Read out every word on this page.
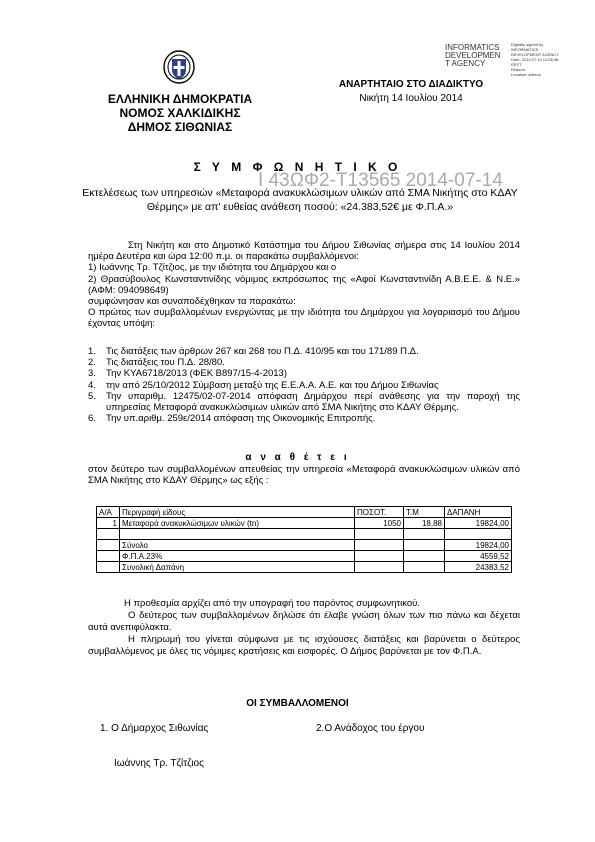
ΕΛΛΗΝΙΚΗ ΔΗΜΟΚΡΑΤΙΑ
ΝΟΜΟΣ ΧΑΛΚΙΔΙΚΗΣ
ΔΗΜΟΣ ΣΙΘΩΝΙΑΣ
INFORMATICS
DEVELOPMEN
T AGENCY
Digitally signed by
INFORMATICS
DEVELOPMENT AGENCY
Date: 2014.07.14 12:06:38
EEST
Reason:
Location: Athens
ΑΝΑΡΤΗΤΑΙΟ ΣΤΟ ΔΙΑΔΙΚΤΥΟ
Νικήτη 14 Ιουλίου 2014
Σ Υ Μ Φ Ω Ν Η Τ Ι Κ Ο
Ι 43ΩΦ2-Τ13565 2014-07-14
Εκτελέσεως των υπηρεσιών «Μεταφορά ανακυκλώσιμων υλικών από ΣΜΑ Νικήτης στο ΚΔΑΥ Θέρμης» με απ' ευθείας ανάθεση ποσού: «24.383,52€ με Φ.Π.Α.»

Στη Νικήτη και στο Δημοτικό Κατάστημα του Δήμου Σιθωνίας σήμερα στις 14 Ιουλίου 2014 ημέρα Δευτέρα και ώρα 12:00 π.μ. οι παρακάτω συμβαλλόμενοι:

1) Ιωάννης Τρ. Τζίτζιος, με την ιδιότητα του Δημάρχου και ο

2) Θρασύβουλος Κωνσταντινίδης νόμιμος εκπρόσωπος της «Αφοί Κωνσταντινίδη Α.Β.Ε.Ε. & Ν.Ε.» (ΑΦΜ: 094098649)

συμφώνησαν και συναποδέχθηκαν τα παρακάτω:

Ο πρώτος των συμβαλλομένων ενεργώντας με την ιδιότητα του Δημάρχου για λογαριασμό του Δήμου έχοντας υπόψη:

1.	Τις διατάξεις των άρθρων 267 και 268 του Π.Δ. 410/95 και του 171/89 Π.Δ.
2.	Τις διατάξεις του Π.Δ. 28/80.
3.	Την ΚΥΑ6718/2013 (ΦΕΚ Β897/15-4-2013)
4.	την από 25/10/2012 Σύμβαση μεταξύ της Ε.Ε.Α.Α. Α.Ε. και του Δήμου Σιθωνίας
5.	Την υπαριθμ. 12475/02-07-2014 απόφαση Δημάρχου περί ανάθεσης για την παροχή της υπηρεσίας Μεταφορά ανακυκλώσιμων υλικών από ΣΜΑ Νικήτης στο ΚΔΑΥ Θέρμης.
6.	Την υπ.αριθμ. 259ε/2014 απόφαση της Οικονομικής Επιτροπής.
α ν α θ έ τ ε ι
στον δεύτερο των συμβαλλομένων απευθείας την υπηρεσία «Μεταφορά ανακυκλώσιμων υλικών από ΣΜΑ Νικήτης στο ΚΔΑΥ Θέρμης» ως εξής :
Α/Α	Περιγραφή είδους	ΠΟΣΟΤ.	Τ.Μ	ΔΑΠΑΝΗ
1	Μεταφορά ανακυκλώσιμων υλικών (tn)	1050	18,88	19824,00

	Σύνολο			19824,00
	Φ.Π.Α.23%			4559,52
	Συνολική Δαπάνη			24383,52

Η προθεσμία αρχίζει από την υπογραφή του παρόντος συμφωνητικού.

Ο δεύτερος των συμβαλλομένων δηλώσε ότι έλαβε γνώση όλων των πιο πάνω και δέχεται αυτά ανεπιφύλακτα.

Η πληρωμή του γίνεται σύμφωνα με τις ισχύουσες διατάξεις και βαρύνεται ο δεύτερος συμβαλλόμενος με όλες τις νόμιμες κρατήσεις και εισφορές. Ο Δήμος βαρύνεται με τον Φ.Π.Α.

ΟΙ ΣΥΜΒΑΛΛΟΜΕΝΟΙ
1. Ο Δήμαρχος Σιθωνίας	2.Ο Ανάδοχος του έργου
Ιωάννης Τρ. Τζίτζιος
